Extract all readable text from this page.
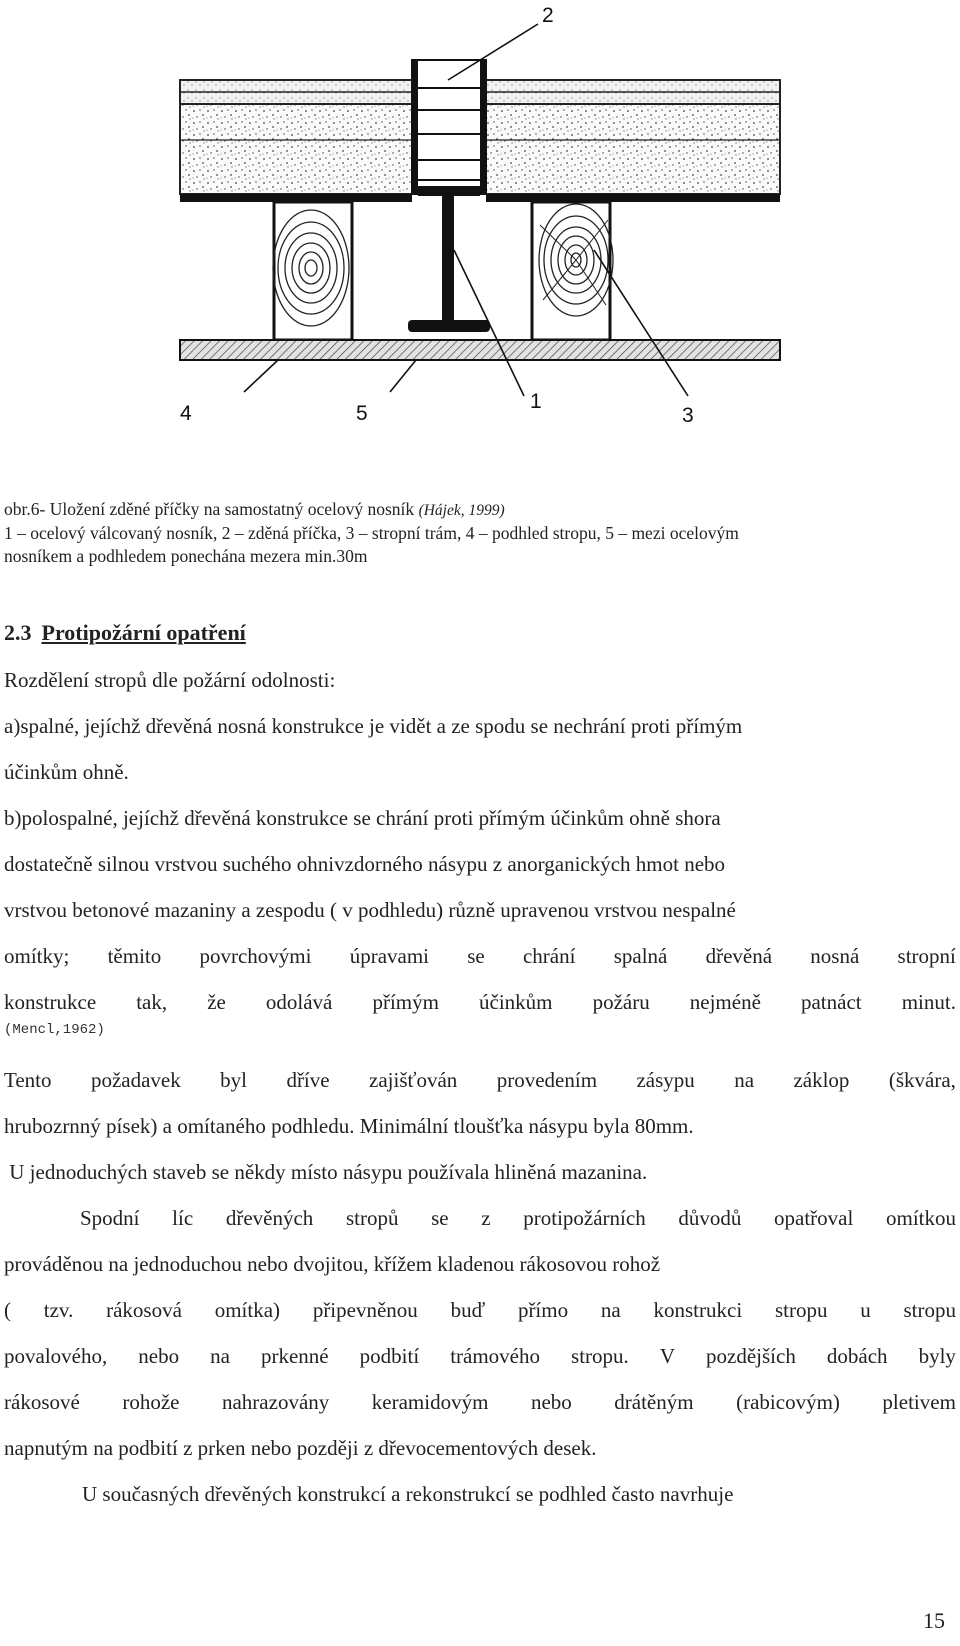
1
2
3
4	5
obr.6- Uložení zděné příčky na samostatný ocelový nosník (Hájek, 1999)
1 – ocelový válcovaný nosník, 2 – zděná příčka, 3 – stropní trám, 4 – podhled stropu, 5 – mezi ocelovým
nosníkem a podhledem ponechána mezera min.30m
2.3 Protipožární opatření
Rozdělení stropů dle požární odolnosti:
a)spalné, jejíchž dřevěná nosná konstrukce je vidět a ze spodu se nechrání proti přímým
účinkům ohně.
b)polospalné, jejíchž dřevěná konstrukce se chrání proti přímým účinkům ohně shora
dostatečně silnou vrstvou suchého ohnivzdorného násypu z anorganických hmot nebo
vrstvou betonové mazaniny a zespodu ( v podhledu) různě upravenou vrstvou nespalné
omítky; těmito povrchovými úpravami se chrání spalná dřevěná nosná stropní
konstrukce tak, že odolává přímým účinkům požáru nejméně patnáct minut.
(Mencl,1962)
Tento požadavek byl dříve zajišťován provedením zásypu na záklop (škvára,
hrubozrnný písek) a omítaného podhledu. Minimální tloušťka násypu byla 80mm.
U jednoduchých staveb se někdy místo násypu používala hliněná mazanina.
Spodní líc dřevěných stropů se z protipožárních důvodů opatřoval omítkou
prováděnou na jednoduchou nebo dvojitou, křížem kladenou rákosovou rohož
( tzv. rákosová omítka) připevněnou buď přímo na konstrukci stropu u stropu
povalového, nebo na prkenné podbití trámového stropu. V pozdějších dobách byly
rákosové rohože nahrazovány keramidovým nebo drátěným (rabicovým) pletivem
napnutým na podbití z prken nebo později z dřevocementových desek.
U současných dřevěných konstrukcí a rekonstrukcí se podhled často navrhuje
15
